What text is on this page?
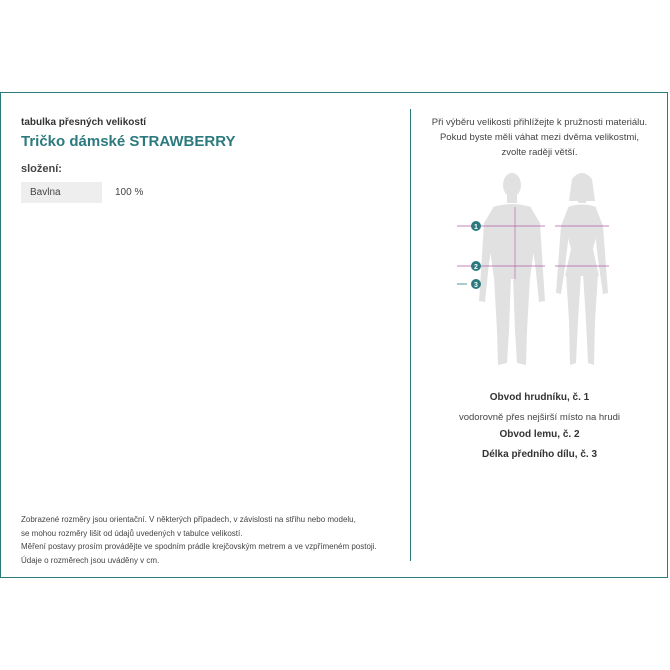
tabulka přesných velikostí
Tričko dámské STRAWBERRY
složení:
Bavlna	100 %
Zobrazené rozměry jsou orientační. V některých případech, v závislosti na střihu nebo modelu,
se mohou rozměry lišit od údajů uvedených v tabulce velikostí.
Měření postavy prosím provádějte ve spodním prádle krejčovským metrem a ve vzpřímeném postoji.
Údaje o rozměrech jsou uváděny v cm.
Při výběru velikosti přihlížejte k pružnosti materiálu.
Pokud byste měli váhat mezi dvěma velikostmi,
zvolte raději větší.
1
2
3
Obvod hrudníku, č. 1
vodorovně přes nejširší místo na hrudi
Obvod lemu, č. 2
Délka předního dílu, č. 3
